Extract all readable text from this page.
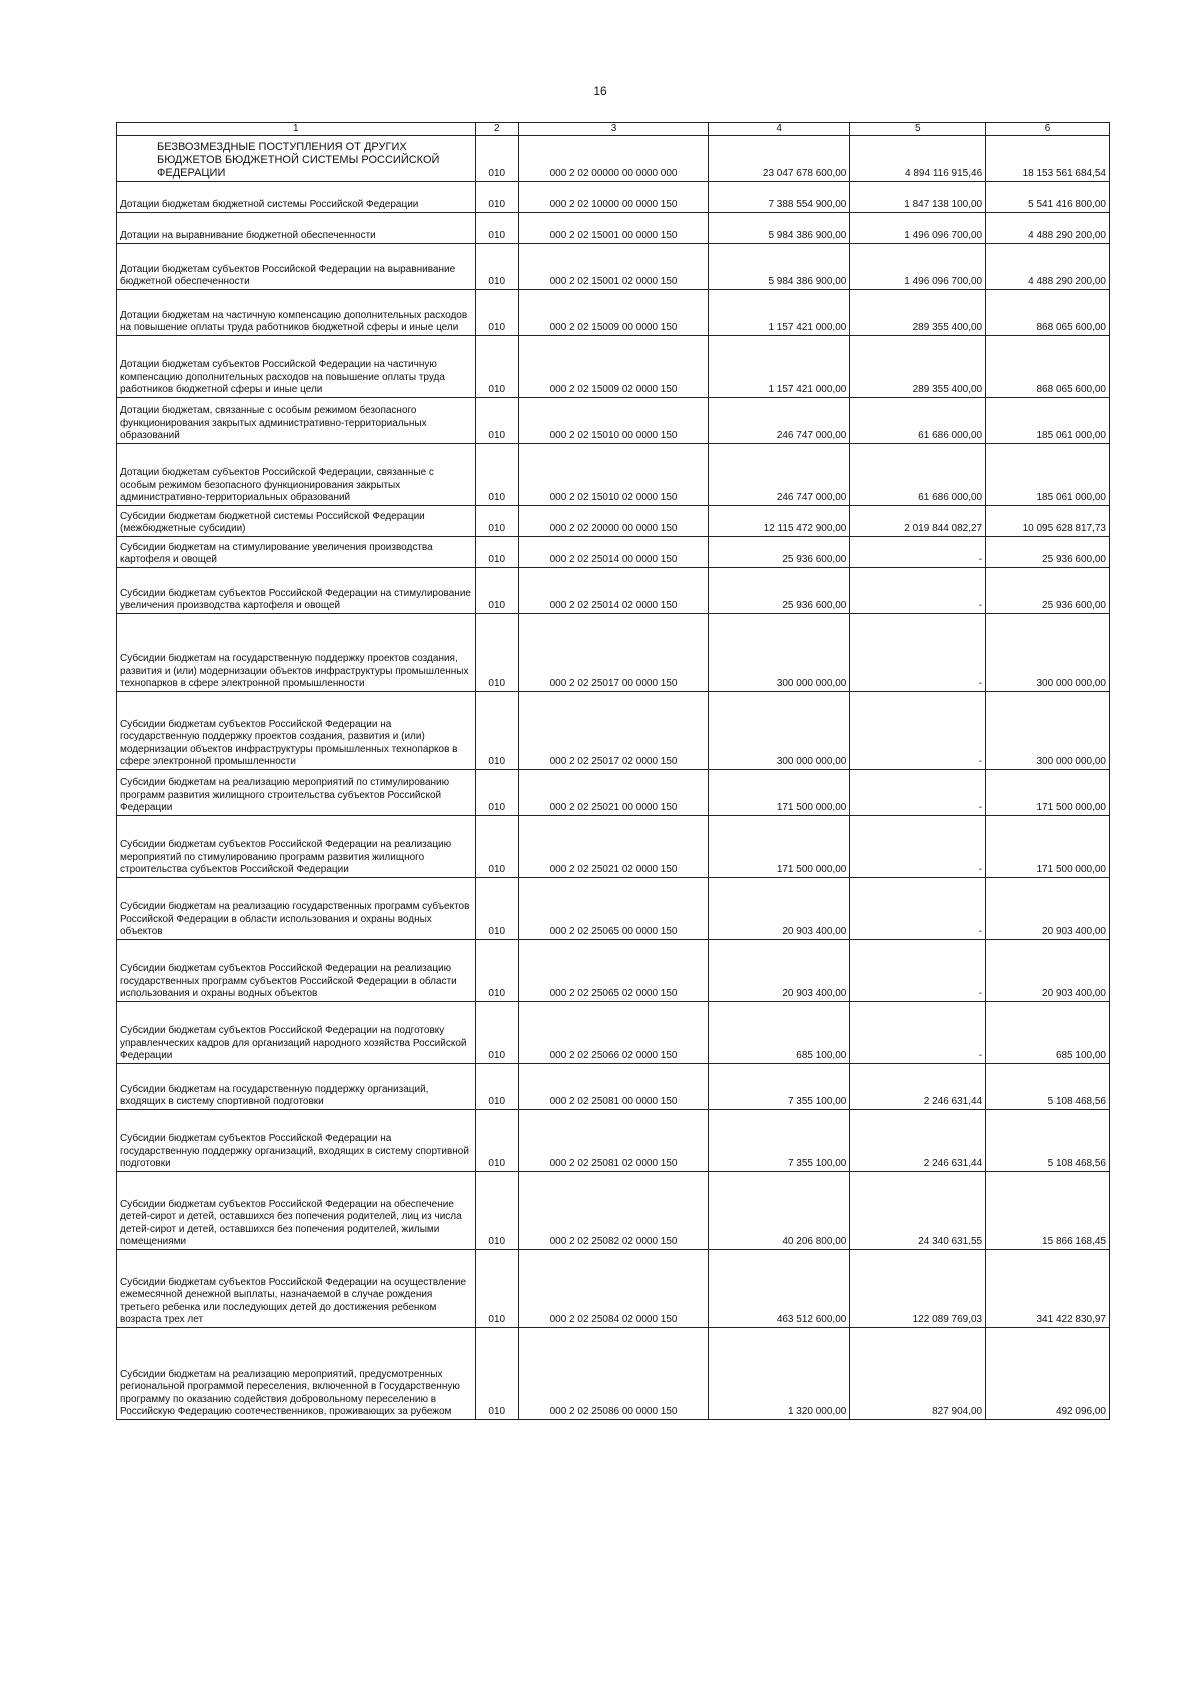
16
1	2	3	4	5	6
БЕЗВОЗМЕЗДНЫЕ ПОСТУПЛЕНИЯ ОТ ДРУГИХ БЮДЖЕТОВ БЮДЖЕТНОЙ СИСТЕМЫ РОССИЙСКОЙ ФЕДЕРАЦИИ	010	000 2 02 00000 00 0000 000	23 047 678 600,00	4 894 116 915,46	18 153 561 684,54
Дотации бюджетам бюджетной системы Российской Федерации	010	000 2 02 10000 00 0000 150	7 388 554 900,00	1 847 138 100,00	5 541 416 800,00
Дотации на выравнивание бюджетной обеспеченности	010	000 2 02 15001 00 0000 150	5 984 386 900,00	1 496 096 700,00	4 488 290 200,00
Дотации бюджетам субъектов Российской Федерации на выравнивание бюджетной обеспеченности	010	000 2 02 15001 02 0000 150	5 984 386 900,00	1 496 096 700,00	4 488 290 200,00
Дотации бюджетам на частичную компенсацию дополнительных расходов на повышение оплаты труда работников бюджетной сферы и иные цели	010	000 2 02 15009 00 0000 150	1 157 421 000,00	289 355 400,00	868 065 600,00
Дотации бюджетам субъектов Российской Федерации на частичную компенсацию дополнительных расходов на повышение оплаты труда работников бюджетной сферы и иные цели	010	000 2 02 15009 02 0000 150	1 157 421 000,00	289 355 400,00	868 065 600,00
Дотации бюджетам, связанные с особым режимом безопасного функционирования закрытых административно-территориальных образований	010	000 2 02 15010 00 0000 150	246 747 000,00	61 686 000,00	185 061 000,00
Дотации бюджетам субъектов Российской Федерации, связанные с особым режимом безопасного функционирования закрытых административно-территориальных образований	010	000 2 02 15010 02 0000 150	246 747 000,00	61 686 000,00	185 061 000,00
Субсидии бюджетам бюджетной системы Российской Федерации (межбюджетные субсидии)	010	000 2 02 20000 00 0000 150	12 115 472 900,00	2 019 844 082,27	10 095 628 817,73
Субсидии бюджетам на стимулирование увеличения производства картофеля и овощей	010	000 2 02 25014 00 0000 150	25 936 600,00	-	25 936 600,00
Субсидии бюджетам субъектов Российской Федерации на стимулирование увеличения производства картофеля и овощей	010	000 2 02 25014 02 0000 150	25 936 600,00	-	25 936 600,00
Субсидии бюджетам на государственную поддержку проектов создания, развития и (или) модернизации объектов инфраструктуры промышленных технопарков в сфере электронной промышленности	010	000 2 02 25017 00 0000 150	300 000 000,00	-	300 000 000,00
Субсидии бюджетам субъектов Российской Федерации на государственную поддержку проектов создания, развития и (или) модернизации объектов инфраструктуры промышленных технопарков в сфере электронной промышленности	010	000 2 02 25017 02 0000 150	300 000 000,00	-	300 000 000,00
Субсидии бюджетам на реализацию мероприятий по стимулированию программ развития жилищного строительства субъектов Российской Федерации	010	000 2 02 25021 00 0000 150	171 500 000,00	-	171 500 000,00
Субсидии бюджетам субъектов Российской Федерации на реализацию мероприятий по стимулированию программ развития жилищного строительства субъектов Российской Федерации	010	000 2 02 25021 02 0000 150	171 500 000,00	-	171 500 000,00
Субсидии бюджетам на реализацию государственных программ субъектов Российской Федерации в области использования и охраны водных объектов	010	000 2 02 25065 00 0000 150	20 903 400,00	-	20 903 400,00
Субсидии бюджетам субъектов Российской Федерации на реализацию государственных программ субъектов Российской Федерации в области использования и охраны водных объектов	010	000 2 02 25065 02 0000 150	20 903 400,00	-	20 903 400,00
Субсидии бюджетам субъектов Российской Федерации на подготовку управленческих кадров для организаций народного хозяйства Российской Федерации	010	000 2 02 25066 02 0000 150	685 100,00	-	685 100,00
Субсидии бюджетам на государственную поддержку организаций, входящих в систему спортивной подготовки	010	000 2 02 25081 00 0000 150	7 355 100,00	2 246 631,44	5 108 468,56
Субсидии бюджетам субъектов Российской Федерации на государственную поддержку организаций, входящих в систему спортивной подготовки	010	000 2 02 25081 02 0000 150	7 355 100,00	2 246 631,44	5 108 468,56
Субсидии бюджетам субъектов Российской Федерации на обеспечение детей-сирот и детей, оставшихся без попечения родителей, лиц из числа детей-сирот и детей, оставшихся без попечения родителей, жилыми помещениями	010	000 2 02 25082 02 0000 150	40 206 800,00	24 340 631,55	15 866 168,45
Субсидии бюджетам субъектов Российской Федерации на осуществление ежемесячной денежной выплаты, назначаемой в случае рождения третьего ребенка или последующих детей до достижения ребенком возраста трех лет	010	000 2 02 25084 02 0000 150	463 512 600,00	122 089 769,03	341 422 830,97
Субсидии бюджетам на реализацию мероприятий, предусмотренных региональной программой переселения, включенной в Государственную программу по оказанию содействия добровольному переселению в Российскую Федерацию соотечественников, проживающих за рубежом	010	000 2 02 25086 00 0000 150	1 320 000,00	827 904,00	492 096,00
